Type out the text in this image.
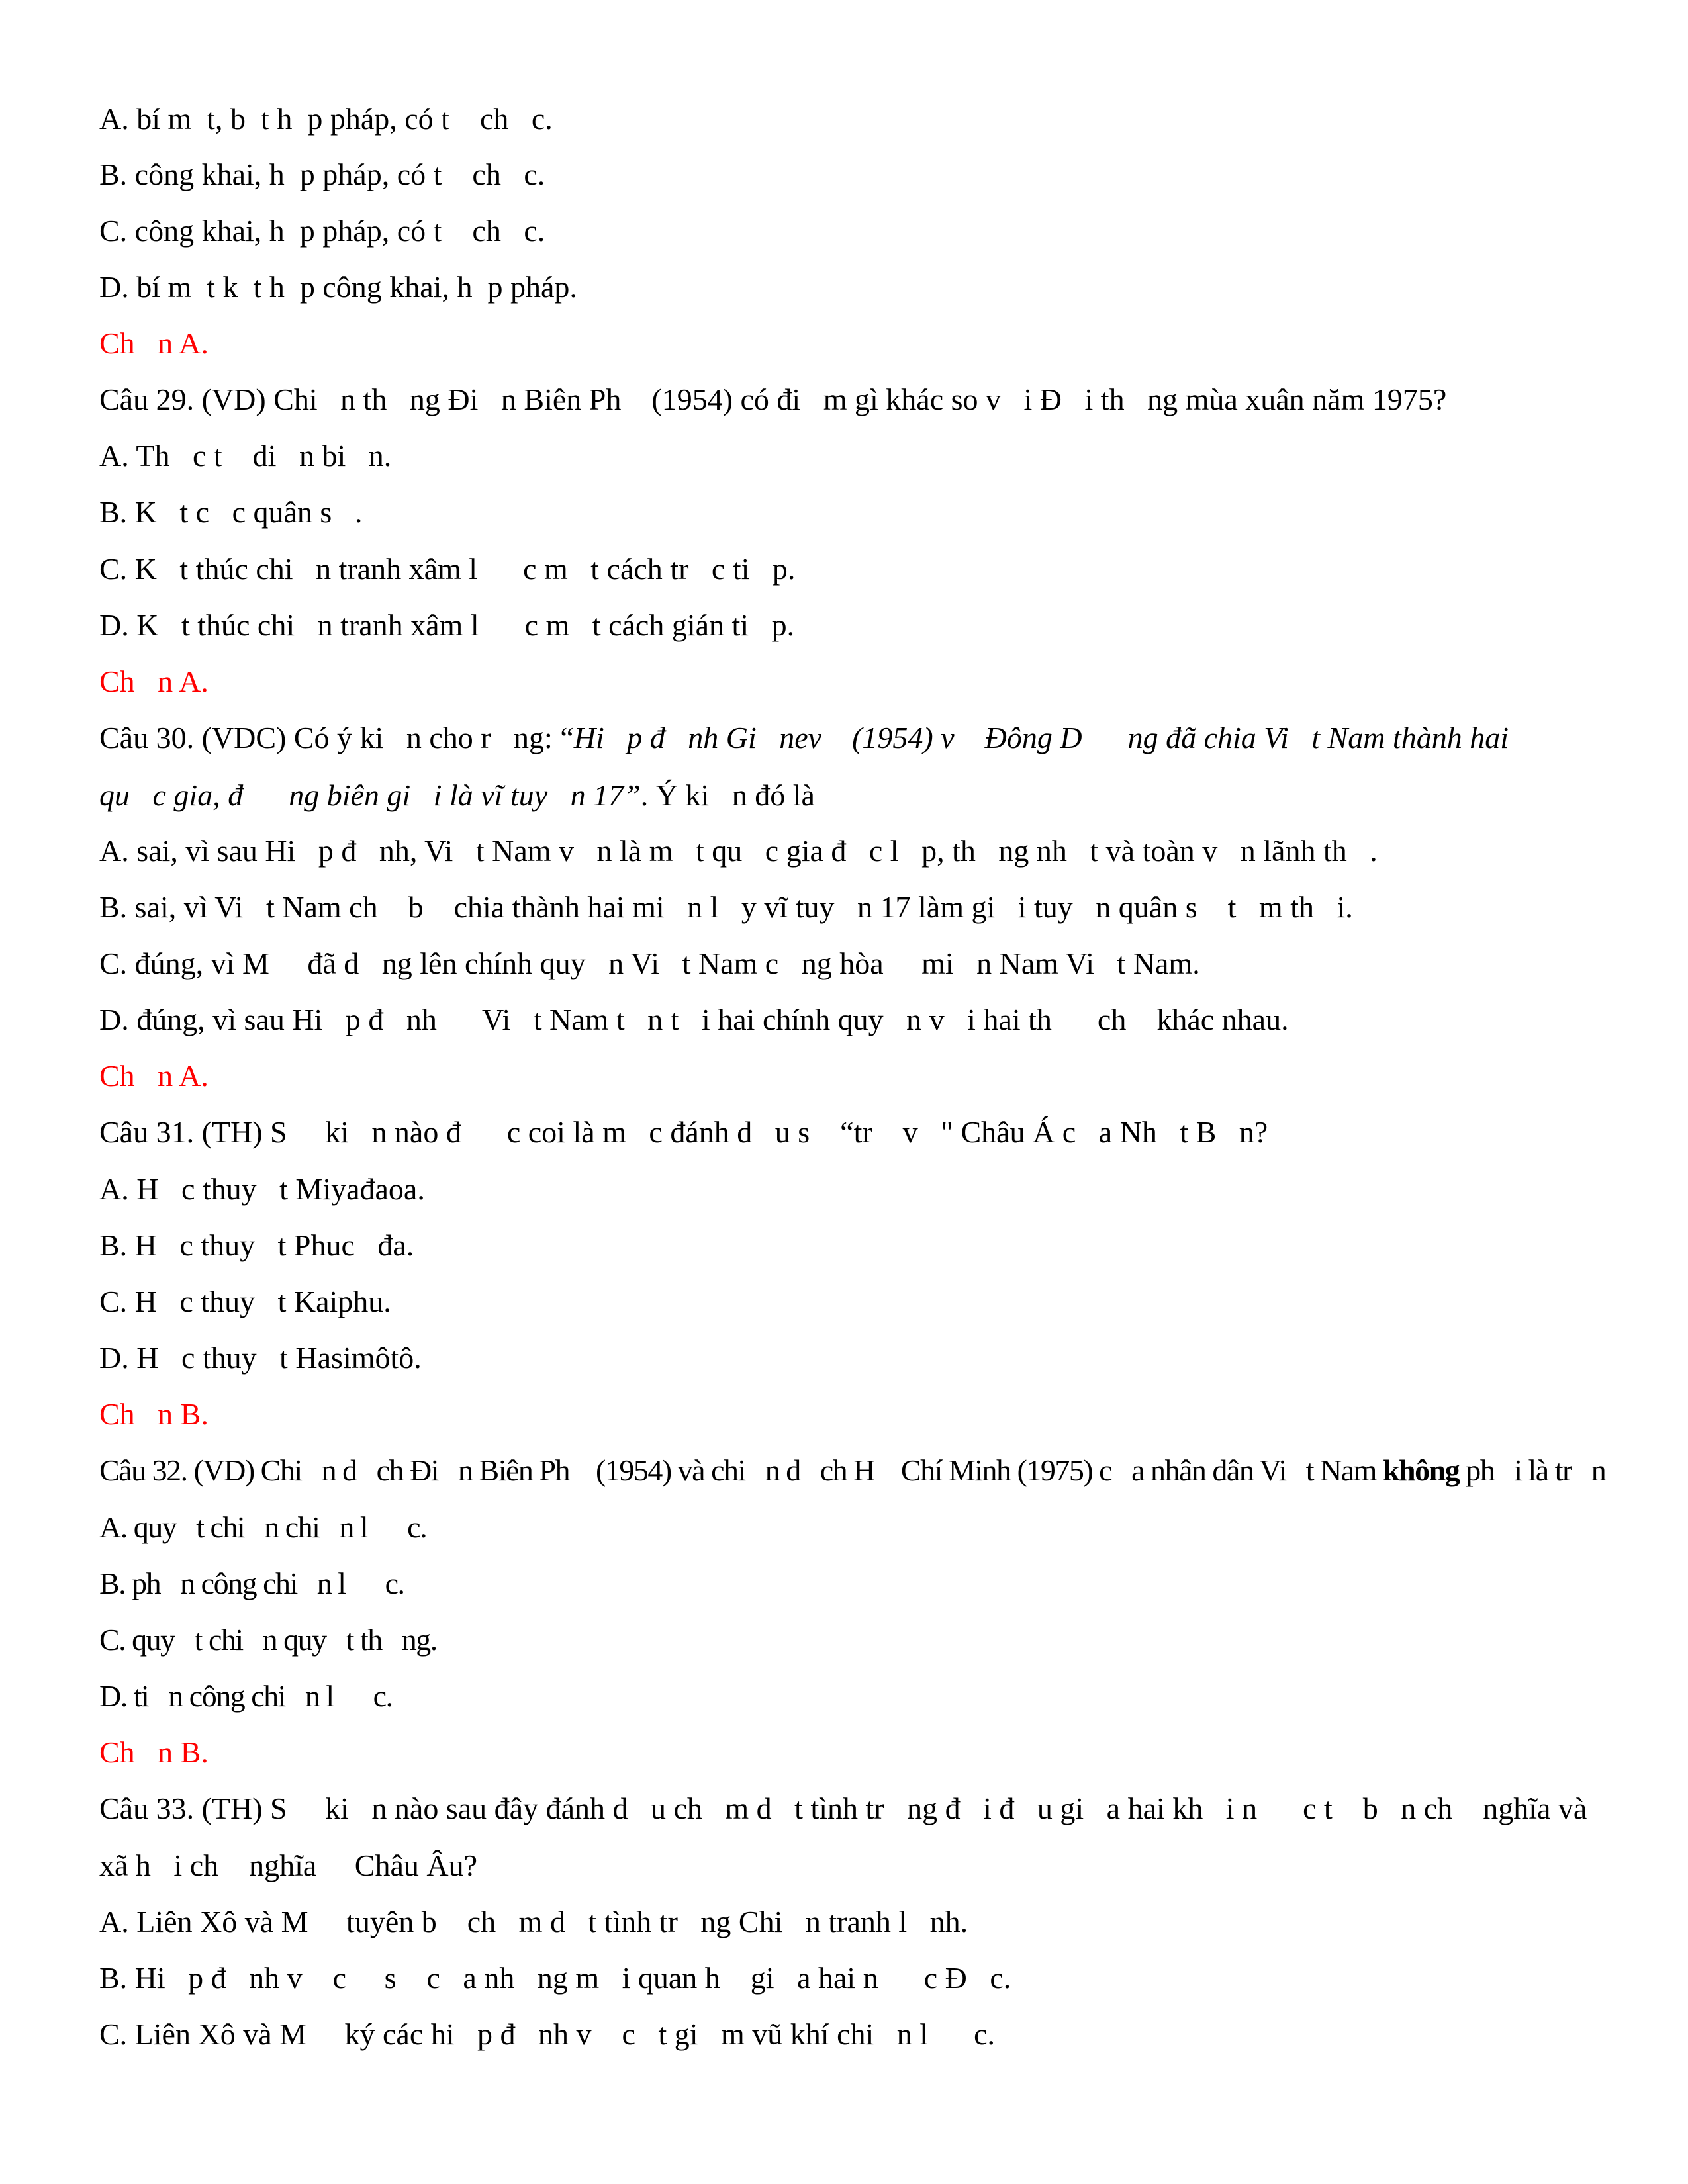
A. bí m  t, b  t h  p pháp, có t    ch   c.
B. công khai, h  p pháp, có t    ch   c.
C. công khai, h  p pháp, có t    ch   c.
D. bí m  t k  t h  p công khai, h  p pháp.
Ch   n A.
Câu 29. (VD) Chi   n th   ng Đi   n Biên Ph    (1954) có đi   m gì khác so v   i Đ   i th   ng mùa xuân năm 1975?
A. Th   c t    di   n bi   n.
B. K   t c   c quân s   .
C. K   t thúc chi   n tranh xâm l      c m   t cách tr   c ti   p.
D. K   t thúc chi   n tranh xâm l      c m   t cách gián ti   p.
Ch   n A.
Câu 30. (VDC) Có ý ki   n cho r   ng: “Hi   p đ   nh Gi   nev    (1954) v    Đông D      ng đã chia Vi   t Nam thành hai
qu   c gia, đ      ng biên gi   i là vĩ tuy   n 17”. Ý ki   n đó là
A. sai, vì sau Hi   p đ   nh, Vi   t Nam v   n là m   t qu   c gia đ   c l   p, th   ng nh   t và toàn v   n lãnh th   .
B. sai, vì Vi   t Nam ch    b    chia thành hai mi   n l   y vĩ tuy   n 17 làm gi   i tuy   n quân s    t   m th   i.
C. đúng, vì M     đã d   ng lên chính quy   n Vi   t Nam c   ng hòa     mi   n Nam Vi   t Nam.
D. đúng, vì sau Hi   p đ   nh      Vi   t Nam t   n t   i hai chính quy   n v   i hai th      ch    khác nhau.
Ch   n A.
Câu 31. (TH) S     ki   n nào đ      c coi là m   c đánh d   u s    “tr    v   " Châu Á c   a Nh   t B   n?
A. H   c thuy   t Miyađaoa.
B. H   c thuy   t Phuc   đa.
C. H   c thuy   t Kaiphu.
D. H   c thuy   t Hasimôtô.
Ch   n B.
Câu 32. (VD) Chi   n d   ch Đi   n Biên Ph    (1954) và chi   n d   ch H    Chí Minh (1975) c   a nhân dân Vi   t Nam không ph   i là tr   n
A. quy   t chi   n chi   n l      c.
B. ph   n công chi   n l      c.
C. quy   t chi   n quy   t th   ng.
D. ti   n công chi   n l      c.
Ch   n B.
Câu 33. (TH) S     ki   n nào sau đây đánh d   u ch   m d   t tình tr   ng đ   i đ   u gi   a hai kh   i n      c t    b   n ch    nghĩa và
xã h   i ch    nghĩa     Châu Âu?
A. Liên Xô và M     tuyên b    ch   m d   t tình tr   ng Chi   n tranh l   nh.
B. Hi   p đ   nh v    c     s    c   a nh   ng m   i quan h    gi   a hai n      c Đ   c.
C. Liên Xô và M     ký các hi   p đ   nh v    c   t gi   m vũ khí chi   n l      c.
